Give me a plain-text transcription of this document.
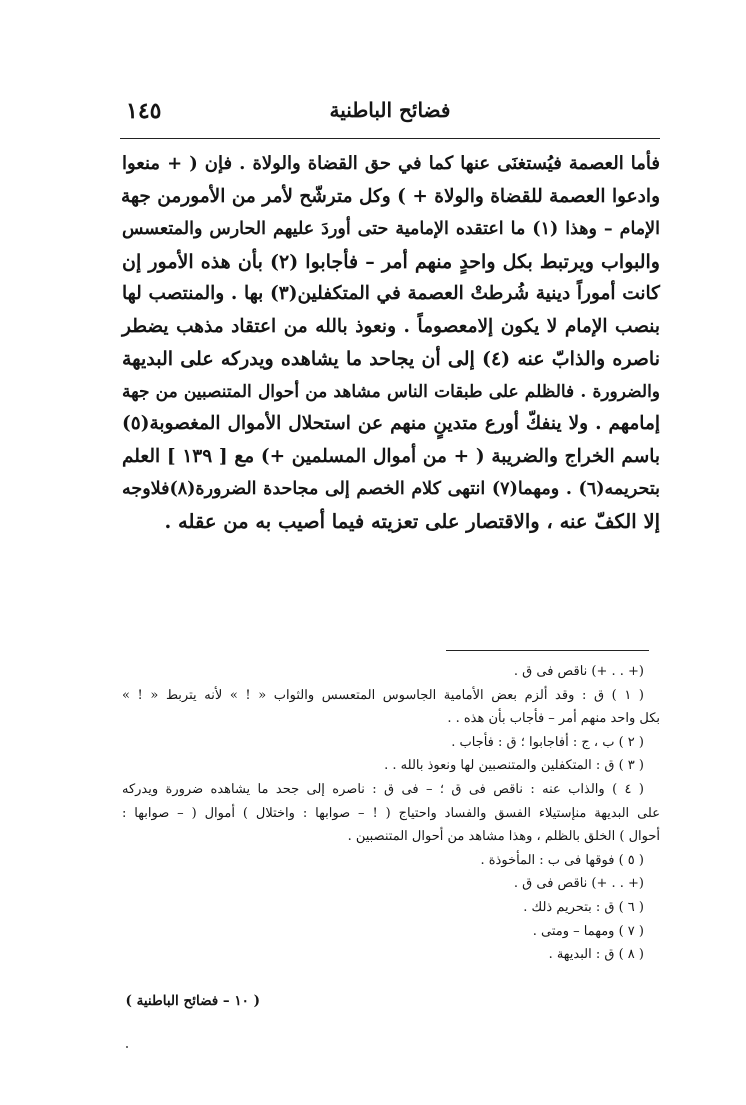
فضائح الباطنية
١٤٥
فأما العصمة فيُستغنَى عنها كما في حق القضاة والولاة . فإن ( + منعوا
وادعوا العصمة للقضاة والولاة + ) وكل مترشّح لأمر من الأمورمن جهة
الإمام – وهذا (١) ما اعتقده الإمامية حتى أوردَ عليهم الحارس والمتعسس
والبواب ويرتبط بكل واحدٍ منهم أمر – فأجابوا (٢) بأن هذه الأمور إن
كانت أموراً دينية شُرطتْ العصمة في المتكفلين(٣) بها . والمنتصب لها
بنصب الإمام لا يكون إلامعصوماً . ونعوذ بالله من اعتقاد مذهب يضطر
ناصره والذابّ عنه (٤) إلى أن يجاحد ما يشاهده ويدركه على البديهة
والضرورة . فالظلم على طبقات الناس مشاهد من أحوال المتنصبين من جهة
إمامهم . ولا ينفكّ أورع متدينٍ منهم عن استحلال الأموال المغصوبة(٥)
باسم الخراج والضريبة ( + من أموال المسلمين +) مع [ ١٣٩ ] العلم
بتحريمه(٦) . ومهما(٧) انتهى كلام الخصم إلى مجاحدة الضرورة(٨)فلاوجه
إلا الكفّ عنه ، والاقتصار على تعزيته فيما أصيب به من عقله .
(+ . . +) ناقص فى ق .
( ١ ) ق : وقد ألزم بعض الأمامية الجاسوس المتعسس والثواب « ! » لأنه يتربط « ! »
بكل واحد منهم أمر – فأجاب بأن هذه . .
( ٢ ) ب ، ج : أفاجابوا ؛ ق : فأجاب .
( ٣ ) ق : المتكفلين والمتنصبين لها ونعوذ بالله . .
( ٤ ) والذاب عنه : ناقص فى ق ؛ – فى ق : ناصره إلى جحد ما يشاهده ضرورة ويدركه
على البديهة منإستيلاء الفسق والفساد واحتياج ( ! – صوابها : واختلال ) أموال ( – صوابها :
أحوال ) الخلق بالظلم ، وهذا مشاهد من أحوال المتنصبين .
( ٥ ) فوقها فى ب : المأخوذة .
(+ . . +) ناقص فى ق .
( ٦ ) ق : بتحريم ذلك .
( ٧ ) ومهما – ومتى .
( ٨ ) ق : البديهة .
( ١٠ – فضائح الباطنية )
